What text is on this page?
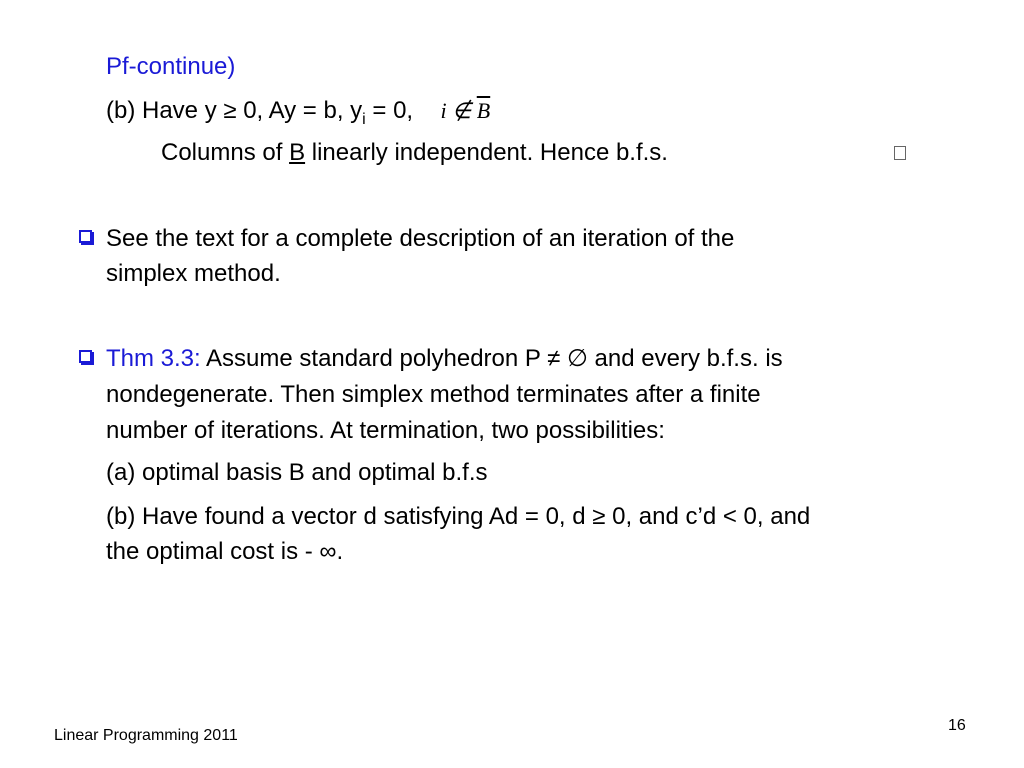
Pf-continue)
(b) Have y ≥ 0, Ay = b, $y_i = 0$, i ∉ $\overline{B}$
Columns of B linearly independent. Hence b.f.s.
See the text for a complete description of an iteration of the
simplex method.
Thm 3.3: Assume standard polyhedron P ≠ ∅ and every b.f.s. is
nondegenerate. Then simplex method terminates after a finite
number of iterations. At termination, two possibilities:
(a) optimal basis B and optimal b.f.s
(b) Have found a vector d satisfying Ad = 0, d ≥ 0, and c’d < 0, and
the optimal cost is - ∞.
Linear Programming 2011
16
